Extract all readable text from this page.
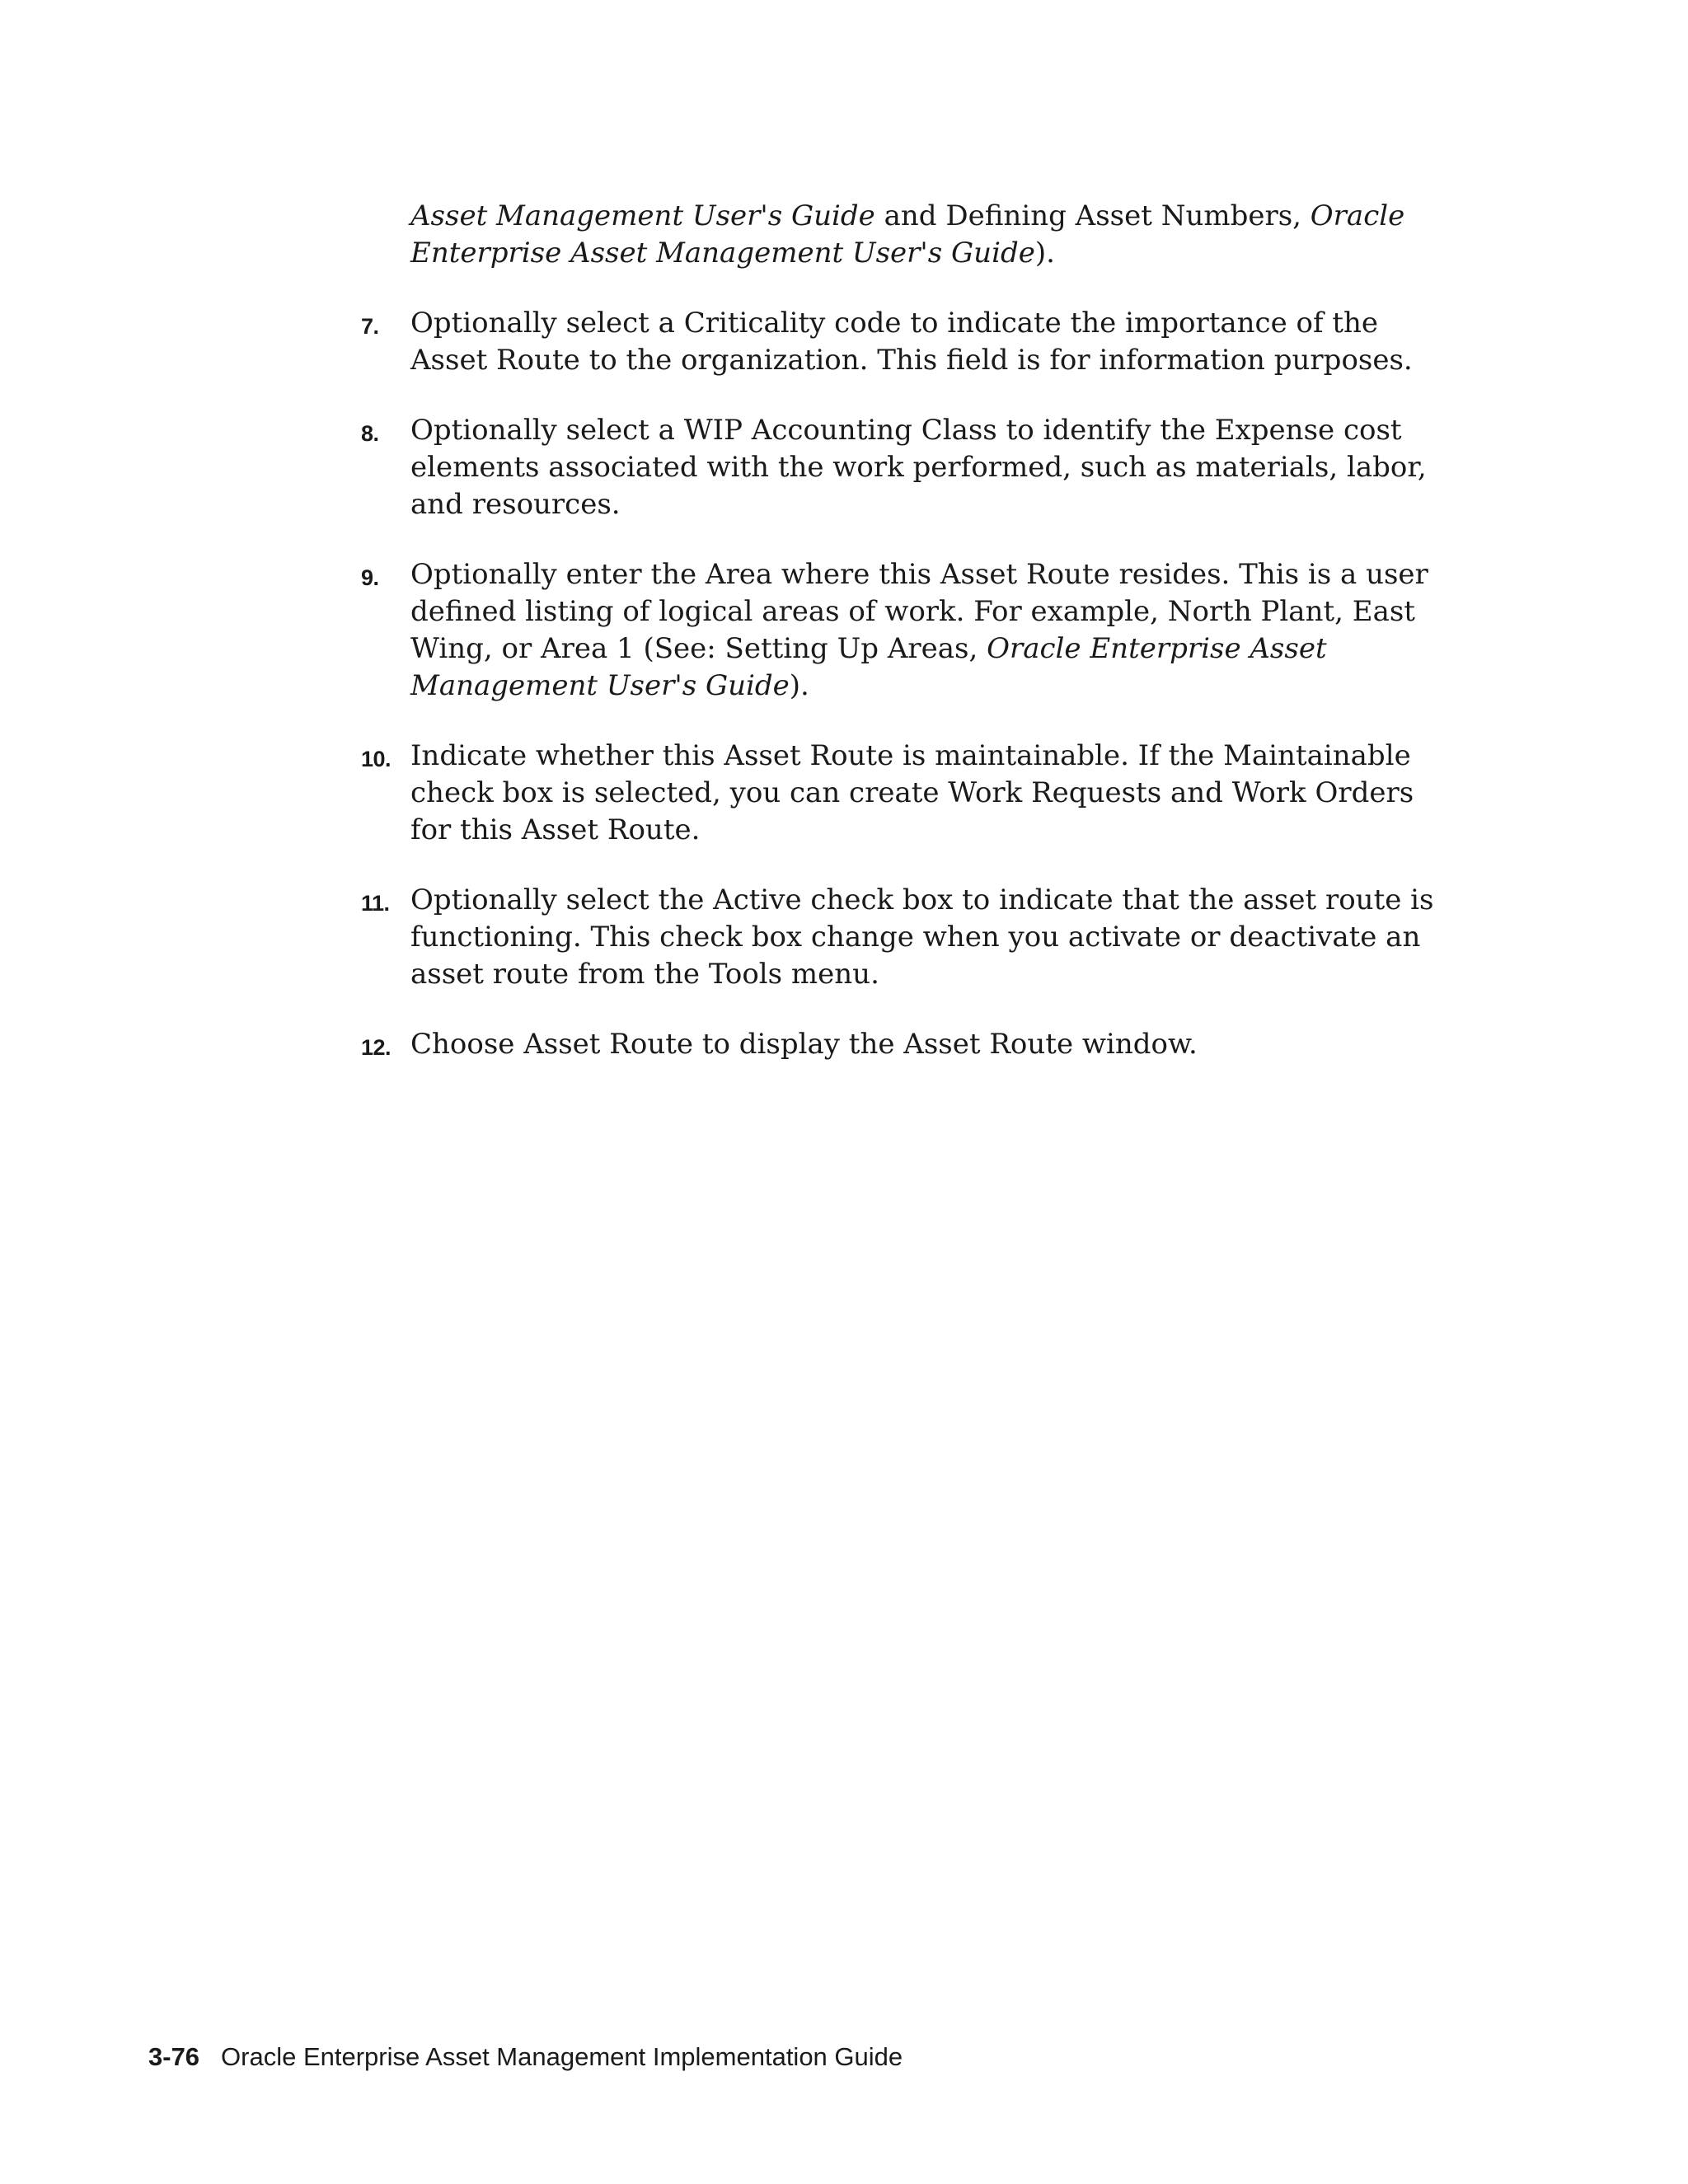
Asset Management User's Guide and Defining Asset Numbers, Oracle Enterprise Asset Management User's Guide).

7. Optionally select a Criticality code to indicate the importance of the Asset Route to the organization. This field is for information purposes.
8. Optionally select a WIP Accounting Class to identify the Expense cost elements associated with the work performed, such as materials, labor, and resources.
9. Optionally enter the Area where this Asset Route resides. This is a user defined listing of logical areas of work. For example, North Plant, East Wing, or Area 1 (See: Setting Up Areas, Oracle Enterprise Asset Management User's Guide).
10. Indicate whether this Asset Route is maintainable. If the Maintainable check box is selected, you can create Work Requests and Work Orders for this Asset Route.
11. Optionally select the Active check box to indicate that the asset route is functioning. This check box change when you activate or deactivate an asset route from the Tools menu.
12. Choose Asset Route to display the Asset Route window.
3-76 Oracle Enterprise Asset Management Implementation Guide
